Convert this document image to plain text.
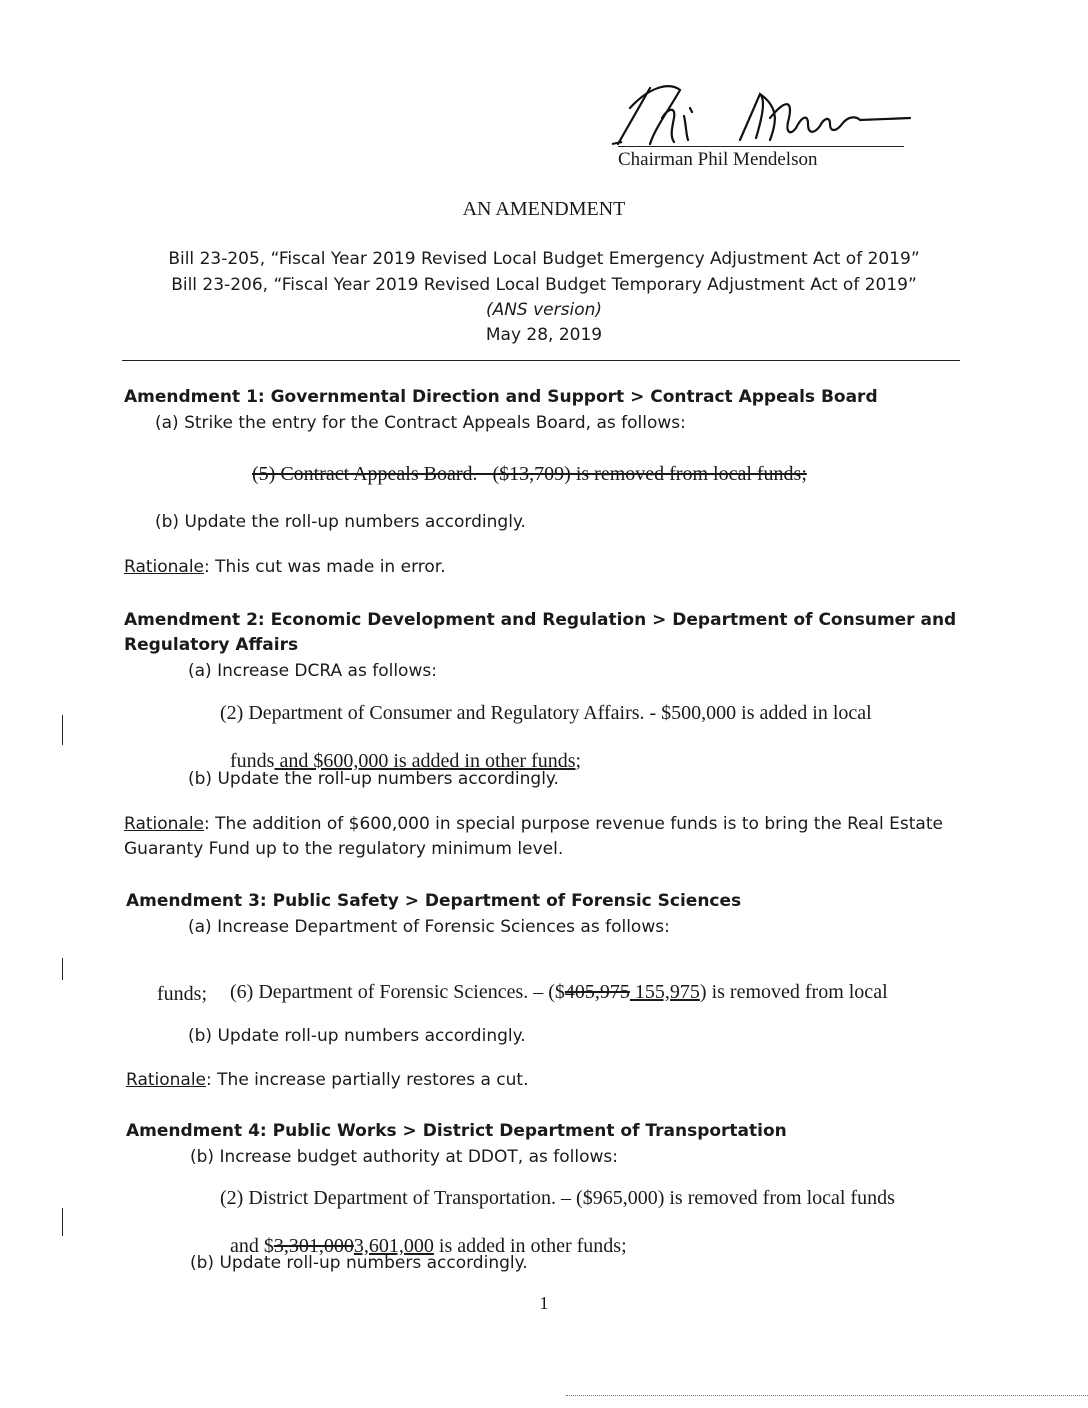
Chairman Phil Mendelson
AN AMENDMENT
Bill 23-205, “Fiscal Year 2019 Revised Local Budget Emergency Adjustment Act of 2019”
Bill 23-206, “Fiscal Year 2019 Revised Local Budget Temporary Adjustment Act of 2019”
(ANS version)
May 28, 2019
Amendment 1: Governmental Direction and Support > Contract Appeals Board
(a) Strike the entry for the Contract Appeals Board, as follows:
(5) Contract Appeals Board.   ($13,709) is removed from local funds;
(b) Update the roll-up numbers accordingly.
Rationale: This cut was made in error.
Amendment 2: Economic Development and Regulation > Department of Consumer and
Regulatory Affairs
(a) Increase DCRA as follows:
(2) Department of Consumer and Regulatory Affairs. - $500,000 is added in local

funds and $600,000 is added in other funds;

(b) Update the roll-up numbers accordingly.
Rationale: The addition of $600,000 in special purpose revenue funds is to bring the Real Estate
Guaranty Fund up to the regulatory minimum level.
Amendment 3: Public Safety > Department of Forensic Sciences
(a) Increase Department of Forensic Sciences as follows:

(6) Department of Forensic Sciences. – ($405,975 155,975) is removed from local

funds;
(b) Update roll-up numbers accordingly.
Rationale: The increase partially restores a cut.
Amendment 4: Public Works > District Department of Transportation
(b) Increase budget authority at DDOT, as follows:
(2) District Department of Transportation. – ($965,000) is removed from local funds

and $3,301,0003,601,000 is added in other funds;

(b) Update roll-up numbers accordingly.
1
